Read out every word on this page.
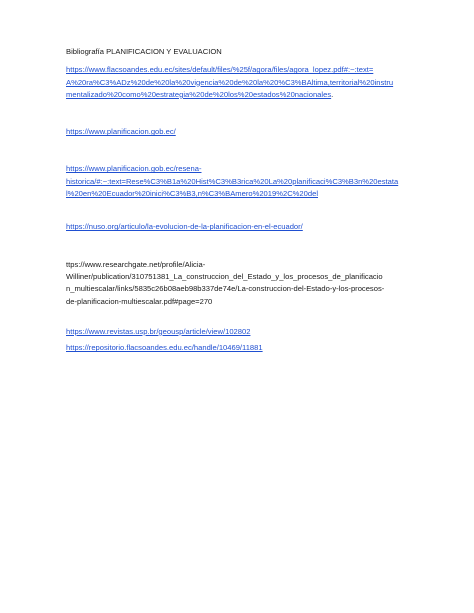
Bibliografía PLANIFICACION Y EVALUACION

https://www.flacsoandes.edu.ec/sites/default/files/%25f/agora/files/agora_lopez.pdf#:~:text=
A%20ra%C3%ADz%20de%20la%20vigencia%20de%20la%20%C3%BAltima,territorial%20instru
mentalizado%20como%20estrategia%20de%20los%20estados%20nacionales.

https://www.planificacion.gob.ec/

https://www.planificacion.gob.ec/resena-
historica/#:~:text=Rese%C3%B1a%20Hist%C3%B3rica%20La%20planificaci%C3%B3n%20estata
l%20en%20Ecuador%20inici%C3%B3,n%C3%BAmero%2019%2C%20del

https://nuso.org/articulo/la-evolucion-de-la-planificacion-en-el-ecuador/

ttps://www.researchgate.net/profile/Alicia-
Williner/publication/310751381_La_construccion_del_Estado_y_los_procesos_de_planificacio
n_multiescalar/links/5835c26b08aeb98b337de74e/La-construccion-del-Estado-y-los-procesos-
de-planificacion-multiescalar.pdf#page=270

https://www.revistas.usp.br/geousp/article/view/102802

https://repositorio.flacsoandes.edu.ec/handle/10469/11881
